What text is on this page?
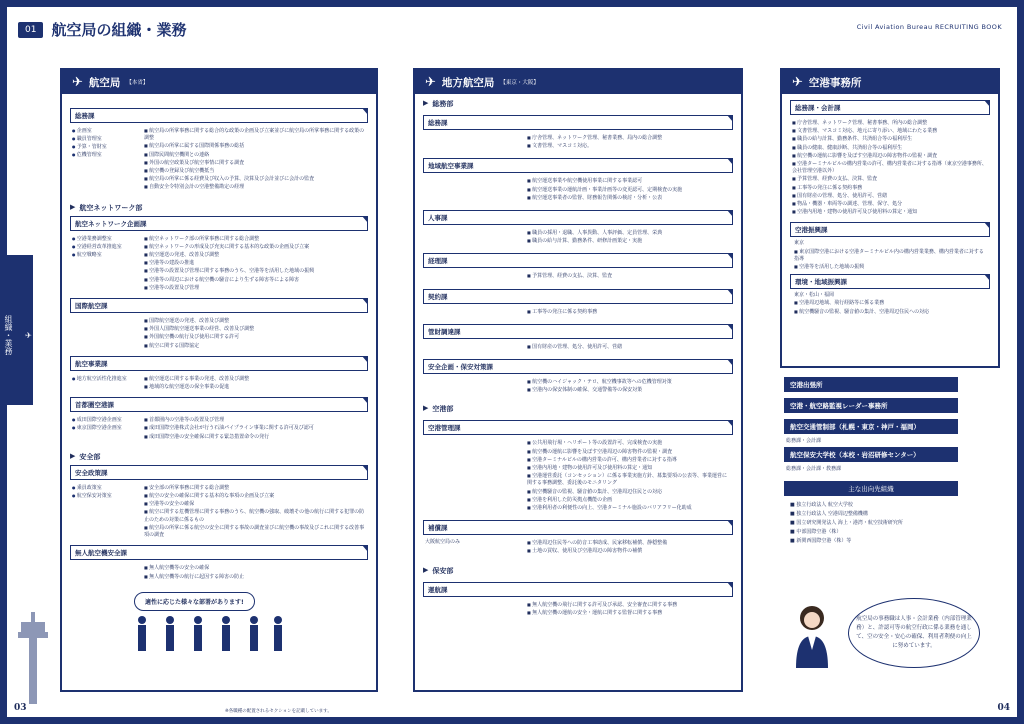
01	航空局の組織・業務	Civil Aviation Bureau RECRUITING BOOK
✈
組織・業務
✈ 航空局 【本省】
総務課
● 企画室
● 職員管理室
● 予算・管財室
● 危機管理室
■ 航空局の所掌事務に関する総合的な政策の企画及び立案並びに航空局の所掌事務に関する政策の調整
■ 航空局の所掌に属する国際関係事務の総括
■ 国際民間航空機関との連絡
■ 外国の航空政策及び航空事情に関する調査
■ 航空機の登録及び航空機抵当
■ 航空局の所掌に係る経費及び収入の予算、決算及び会計並びに会計の監査
■ 自動安全令特別会計の空港整備勘定の経理
▶ 航空ネットワーク部
航空ネットワーク企画課
● 空港業務調整室
● 空港経営改革推進室
● 航空戦略室
■ 航空ネットワーク部の所掌事務に関する総合調整
■ 航空ネットワークの形成及び充実に関する基本的な政策の企画及び立案
■ 航空運送の発達、改善及び調整
■ 空港等の建設の推進
■ 空港等の設置及び管理に関する事務のうち、空港等を活用した地域の振興
■ 空港等の周辺における航空機の騒音により生ずる障害等による障害
■ 空港等の設置及び管理
国際航空課
■ 国際航空運送の発達、改善及び調整
■ 外国人国際航空運送事業の経営、改善及び調整
■ 外国航空機の航行及び使用に関する許可
■ 航空に関する国際協定
航空事業課
● 地方航空活性化推進室	■ 航空運送に関する事業の発達、改善及び調整
■ 地域的な航空運送の保全事業の促進
首都圏空港課
● 成田国際空港企画室
● 東京国際空港企画室
■ 首都圏内の空港等の設置及び管理
■ 成田国際空港株式会社が行う石油パイプライン事業に関する許可及び認可
■ 成田国際空港の安全確保に関する緊急措置命令の発行
▶ 安全部
安全政策課
● 乗員政策室
● 航空保安対策室
■ 安全部の所掌事務に関する総合調整
■ 航空の安全の確保に関する基本的な事項の企画及び立案
■ 空港等の安全の確保
■ 航空に関する危機管理に関する事務のうち、航空機の強取、破壊その他の航行に関する犯罪の防止のための対策に係るもの
■ 航空局の所掌に係る航空の安全に関する事故の調査並びに航空機の事故及びこれに関する改善事項の調査
無人航空機安全課
■ 無人航空機等の安全の確保
■ 無人航空機等の航行に起因する障害の防止
✈ 地方航空局 【東京・大阪】
▶ 総務部
総務課
■ 庁舎管理、ネットワーク管理、秘書業務、局内の総合調整
■ 文書管理、マスコミ対応。
地域航空事業課
■ 航空運送事業や航空機使用事業に関する事業認可
■ 航空運送事業の運航計画・事業計画等の変更認可、定期検査の実施
■ 航空運送事業者の監督、財務報告関係の検討・分析・公表
人事課
■ 職員の採用・退職、人事異動、人事評価、定員管理、栄典
■ 職員の給与計算、勤務条件、研修計画策定・実施
経理課
■ 予算管理、経費の支払、決算、監査
契約課
■ 工事等の発注に係る契約事務
管財調達課
■ 国有財産の管理、処分、使用許可、営繕
安全企画・保安対策課
■ 航空機のハイジャック・テロ、航空機事故等への危機管理対策
■ 空港内の保安体制の確保、交通警備等の保安対策
▶ 空港部
空港管理課
■ 公共用飛行場・ヘリポート等の設置許可、完成検査の実施
■ 航空機の運航に影響を及ぼす空港周辺の障害物件の監視・調査
■ 空港ターミナルビルの構内営業の許可、構内営業者に対する指導
■ 空港内用地・建物の使用許可及び使用料の算定・通知
■ 空港運営委託（コンセッション）に係る事業実施方針、募集要項の公表等、事業運営に関する事務調整、委託後のモニタリング
■ 航空機騒音の監視、騒音値の集計、空港周辺住民との対応
■ 空港を利用した防災拠点機能の企画
■ 空港利用者の利便性の向上、空港ターミナル施設のバリアフリー化助成
補償課
大阪航空局のみ	■ 空港周辺住民等への防音工事助成、民家移転補償、静穏整備
■ 土地の買収、使用及び空港周辺の障害物件の補償
▶ 保安部
運航課
■ 無人航空機の飛行に関する許可及び承認、安全審査に関する事務
■ 無人航空機の運航の安全・運航に関する監督に関する事務
✈ 空港事務所
総務課・会計課
■ 庁舎管理、ネットワーク管理、秘書事務、所内の総合調整
■ 文書管理、マスコミ対応、地元に寄り添い、地域にわたる業務
■ 職員の給与計算、勤務条件、共済組合等の福利厚生
■ 職員の健康、健康診断、共済組合等の福利厚生
■ 航空機の運航に影響を及ぼす空港周辺の障害物件の監視・調査
■ 空港ターミナルビルの構内営業の許可、構内営業者に対する指導（東京空港事務所、会社管理空港以外）
■ 予算管理、経費の支払、決算、監査
■ 工事等の発注に係る契約事務
■ 国有財産の管理、処分、使用許可、営繕
■ 物品・機器・車両等の調達、管理、保守、処分
■ 空港内用地・建物の使用許可及び使用料の算定・通知
空港振興課
東京
■ 東京国際空港における空港ターミナルビル内の構内営業業務、構内営業者に対する指導
■ 空港等を活用した地域の振興
環境・地域振興課
東京・松山・福岡
■ 空港周辺地域、飛行経路等に係る業務
■ 航空機騒音の監視、騒音値の集計、空港周辺住民への対応
空港出張所
空港・航空路監視レーダー事務所
航空交通管制部（札幌・東京・神戸・福岡）
総務課・会計課
航空保安大学校（本校・岩沼研修センター）
総務課・会計課・教務課
主な出向先組織
■ 独立行政法人 航空大学校
■ 独立行政法人 空港周辺整備機構
■ 国立研究開発法人 海上・港湾・航空技術研究所
■ 中部国際空港（株）
■ 新関西国際空港（株）等
適性に応じた様々な部署があります!
航空局の事務職は人事・会計業務（内部管理業務）と、許認可等の航空行政に係る業務を通して、空の安全・安心の確保、利用者利便の向上に努めています。
※各職種の配置されるセクションを記載しています。
03	04
